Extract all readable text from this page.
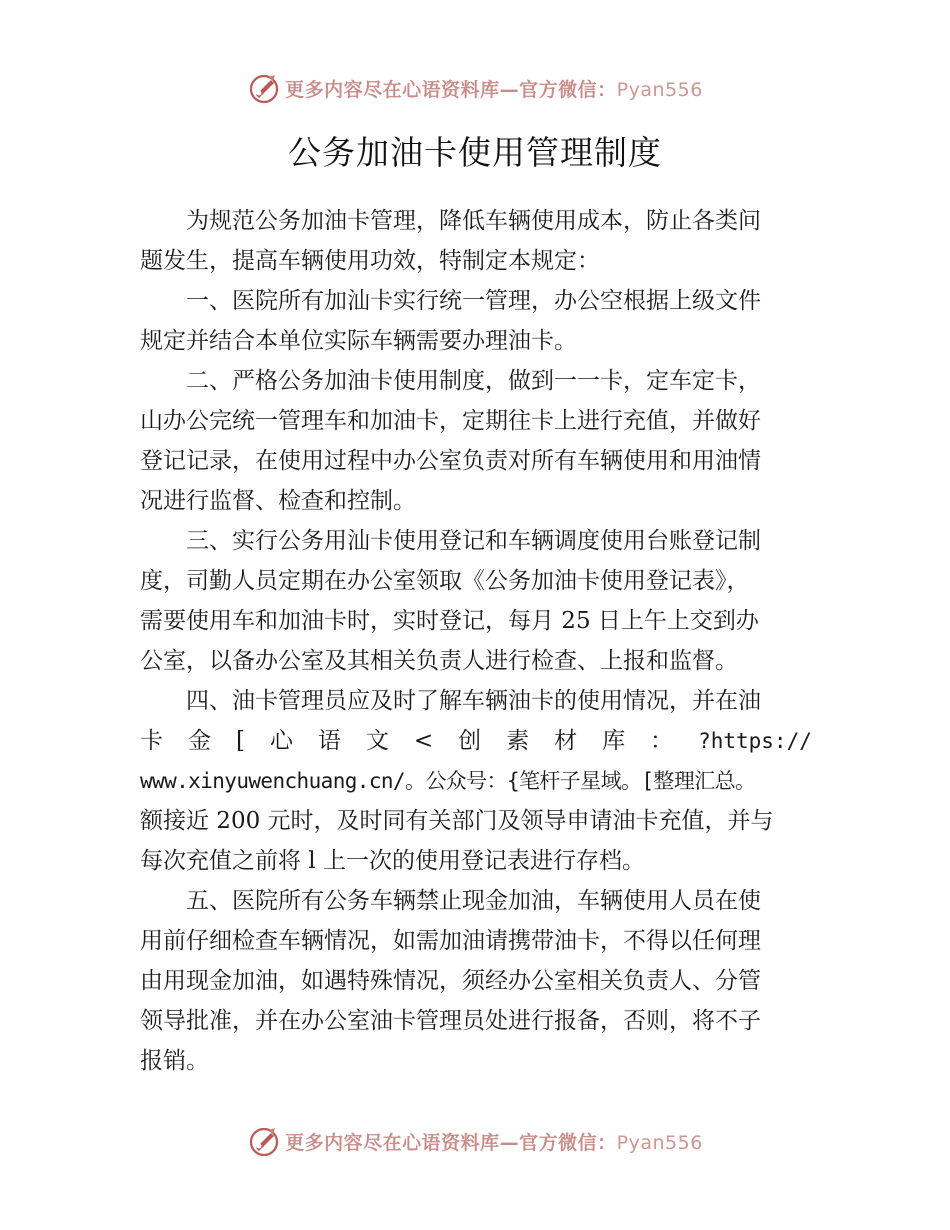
更多内容尽在心语资料库—官方微信：Pyan556
公务加油卡使用管理制度

为规范公务加油卡管理，降低车辆使用成本，防止各类问
题发生，提高车辆使用功效，特制定本规定：

一、医院所有加汕卡实行统一管理，办公空根据上级文件
规定并结合本单位实际车辆需要办理油卡。

二、严格公务加油卡使用制度，做到一一卡，定车定卡，
山办公完统一管理车和加油卡，定期往卡上进行充值，并做好
登记记录，在使用过程中办公室负责对所有车辆使用和用油情
况进行监督、检查和控制。

三、实行公务用汕卡使用登记和车辆调度使用台账登记制
度，司勤人员定期在办公室领取《公务加油卡使用登记表》，
需要使用车和加油卡时，实时登记，每月 25 日上午上交到办
公室，以备办公室及其相关负责人进行检查、上报和监督。

四、油卡管理员应及时了解车辆油卡的使用情况，并在油
卡 金 [ 心 语 文 < 创 素 材 库 ： ?https://
www.xinyuwenchuang.cn/。公众号：{笔杆子星域。[整理汇总。
额接近 200 元时，及时同有关部门及领导申请油卡充值，并与
每次充值之前将 l 上一次的使用登记表进行存档。

五、医院所有公务车辆禁止现金加油，车辆使用人员在使
用前仔细检查车辆情况，如需加油请携带油卡，不得以任何理
由用现金加油，如遇特殊情况，须经办公室相关负责人、分管
领导批准，并在办公室油卡管理员处进行报备，否则，将不子
报销。

更多内容尽在心语资料库—官方微信：Pyan556
